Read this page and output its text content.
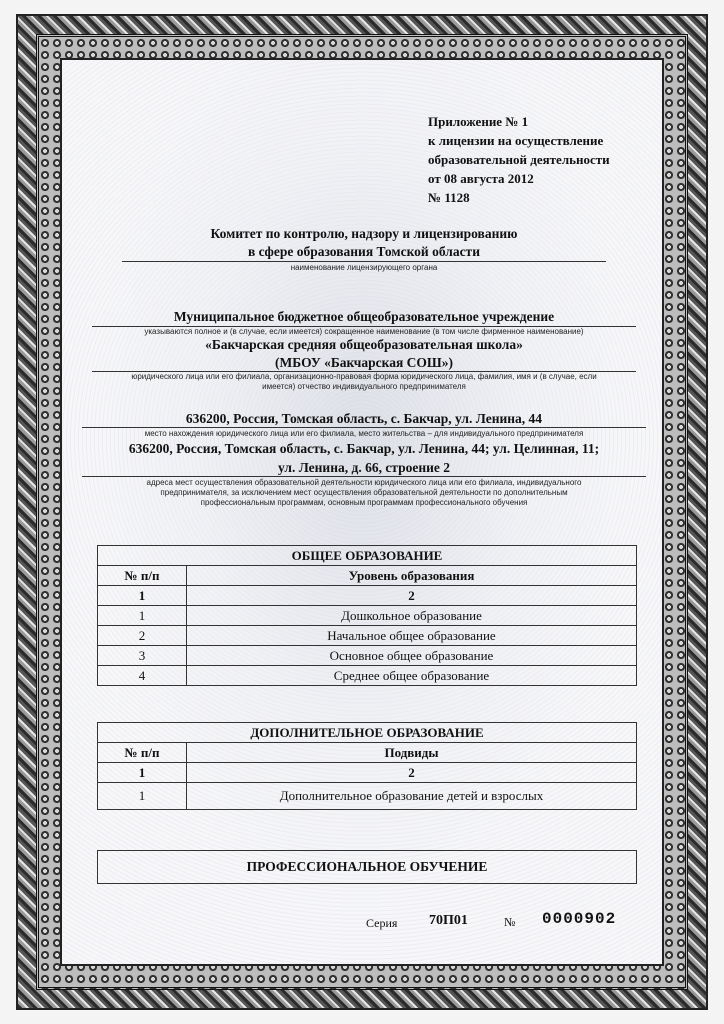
Приложение № 1
к лицензии на осуществление
образовательной деятельности
от 08 августа 2012
№ 1128
Комитет по контролю, надзору и лицензированию
в сфере образования Томской области
наименование лицензирующего органа
Муниципальное бюджетное общеобразовательное учреждение
указываются полное и (в случае, если имеется) сокращенное наименование (в том числе фирменное наименование)
«Бакчарская средняя общеобразовательная школа»
(МБОУ «Бакчарская СОШ»)
юридического лица или его филиала, организационно-правовая форма юридического лица, фамилия, имя и (в случае, если
имеется) отчество индивидуального предпринимателя
636200, Россия, Томская область, с. Бакчар, ул. Ленина, 44
место нахождения юридического лица или его филиала, место жительства – для индивидуального предпринимателя
636200, Россия, Томская область, с. Бакчар, ул. Ленина, 44; ул. Целинная, 11;
ул. Ленина, д. 66, строение 2
адреса мест осуществления образовательной деятельности юридического лица или его филиала, индивидуального
предпринимателя, за исключением мест осуществления образовательной деятельности по дополнительным
профессиональным программам, основным программам профессионального обучения
ОБЩЕЕ ОБРАЗОВАНИЕ	
№ п/п	Уровень образования
1	2
1	Дошкольное образование
2	Начальное общее образование
3	Основное общее образование
4	Среднее общее образование
ДОПОЛНИТЕЛЬНОЕ ОБРАЗОВАНИЕ	
№ п/п	Подвиды
1	2
1	Дополнительное образование детей и взрослых
ПРОФЕССИОНАЛЬНОЕ ОБУЧЕНИЕ
Серия 70П01	№ 0000902
